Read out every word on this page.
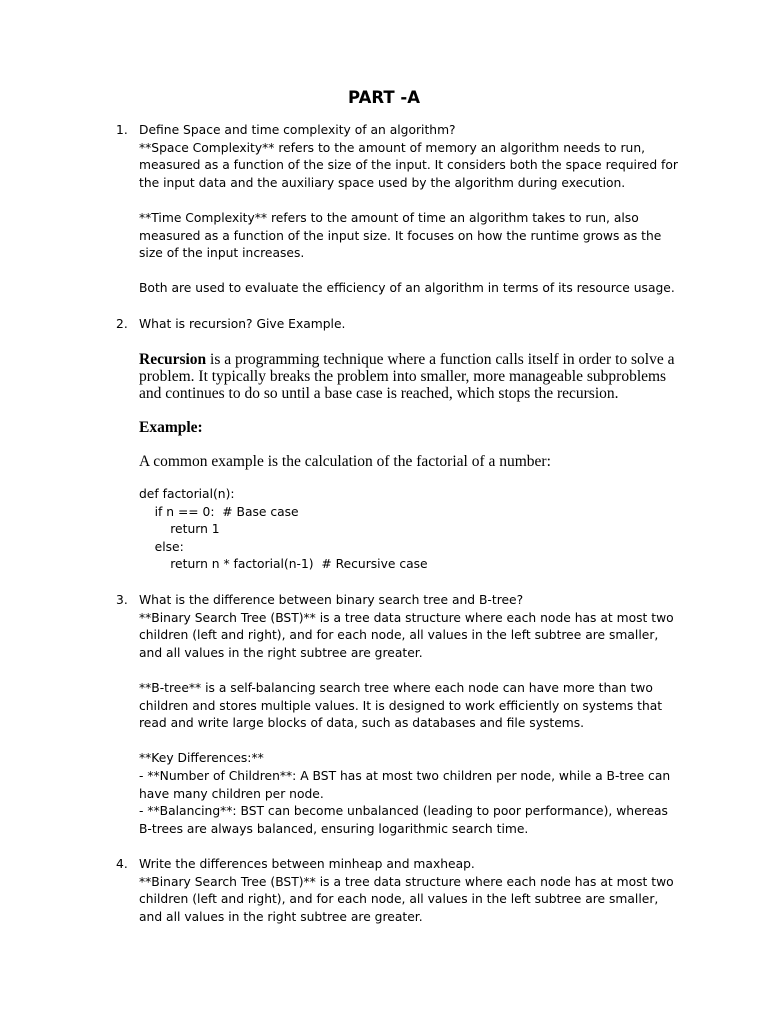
PART -A
1. Define Space and time complexity of an algorithm?

**Space Complexity** refers to the amount of memory an algorithm needs to run, measured as a function of the size of the input. It considers both the space required for the input data and the auxiliary space used by the algorithm during execution.

**Time Complexity** refers to the amount of time an algorithm takes to run, also measured as a function of the input size. It focuses on how the runtime grows as the size of the input increases.

Both are used to evaluate the efficiency of an algorithm in terms of its resource usage.

2. What is recursion? Give Example.
Recursion is a programming technique where a function calls itself in order to solve a problem. It typically breaks the problem into smaller, more manageable subproblems and continues to do so until a base case is reached, which stops the recursion.
Example:
A common example is the calculation of the factorial of a number:

def factorial(n):

if n == 0:  # Base case

return 1

else:

return n * factorial(n-1)  # Recursive case

3. What is the difference between binary search tree and B-tree?

**Binary Search Tree (BST)** is a tree data structure where each node has at most two children (left and right), and for each node, all values in the left subtree are smaller, and all values in the right subtree are greater.

**B-tree** is a self-balancing search tree where each node can have more than two children and stores multiple values. It is designed to work efficiently on systems that read and write large blocks of data, such as databases and file systems.

**Key Differences:**

- **Number of Children**: A BST has at most two children per node, while a B-tree can have many children per node.

- **Balancing**: BST can become unbalanced (leading to poor performance), whereas B-trees are always balanced, ensuring logarithmic search time.

4. Write the differences between minheap and maxheap.

**Binary Search Tree (BST)** is a tree data structure where each node has at most two children (left and right), and for each node, all values in the left subtree are smaller, and all values in the right subtree are greater.
